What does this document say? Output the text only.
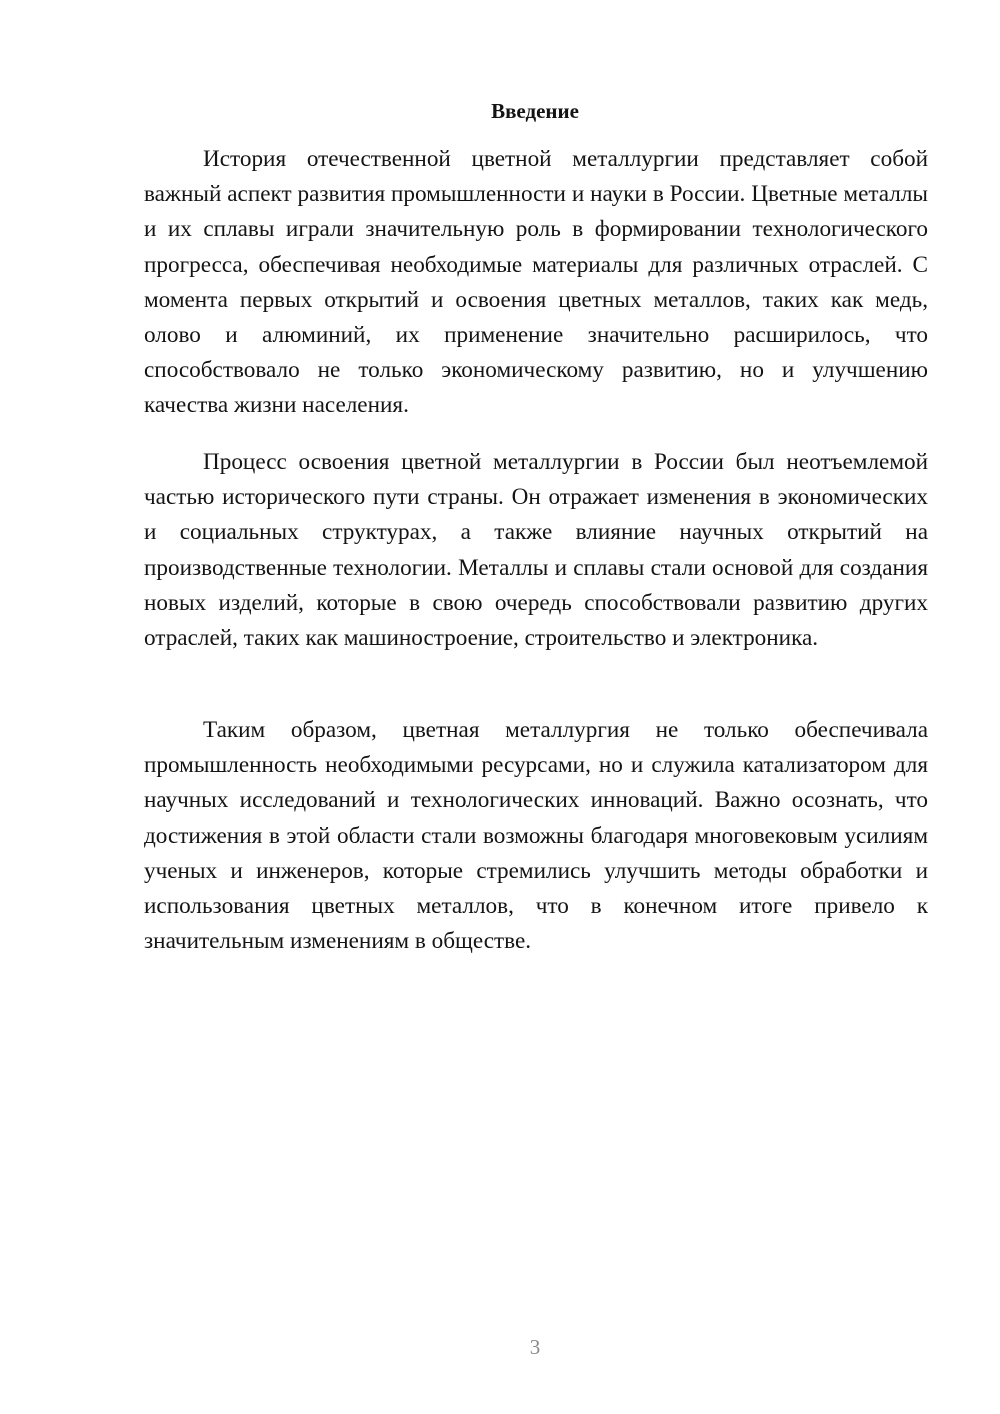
Введение

История отечественной цветной металлургии представляет собой важный аспект развития промышленности и науки в России. Цветные металлы и их сплавы играли значительную роль в формировании технологического прогресса, обеспечивая необходимые материалы для различных отраслей. С момента первых открытий и освоения цветных металлов, таких как медь, олово и алюминий, их применение значительно расширилось, что способствовало не только экономическому развитию, но и улучшению качества жизни населения.

Процесс освоения цветной металлургии в России был неотъемлемой частью исторического пути страны. Он отражает изменения в экономических и социальных структурах, а также влияние научных открытий на производственные технологии. Металлы и сплавы стали основой для создания новых изделий, которые в свою очередь способствовали развитию других отраслей, таких как машиностроение, строительство и электроника.

Таким образом, цветная металлургия не только обеспечивала промышленность необходимыми ресурсами, но и служила катализатором для научных исследований и технологических инноваций. Важно осознать, что достижения в этой области стали возможны благодаря многовековым усилиям ученых и инженеров, которые стремились улучшить методы обработки и использования цветных металлов, что в конечном итоге привело к значительным изменениям в обществе.

3
